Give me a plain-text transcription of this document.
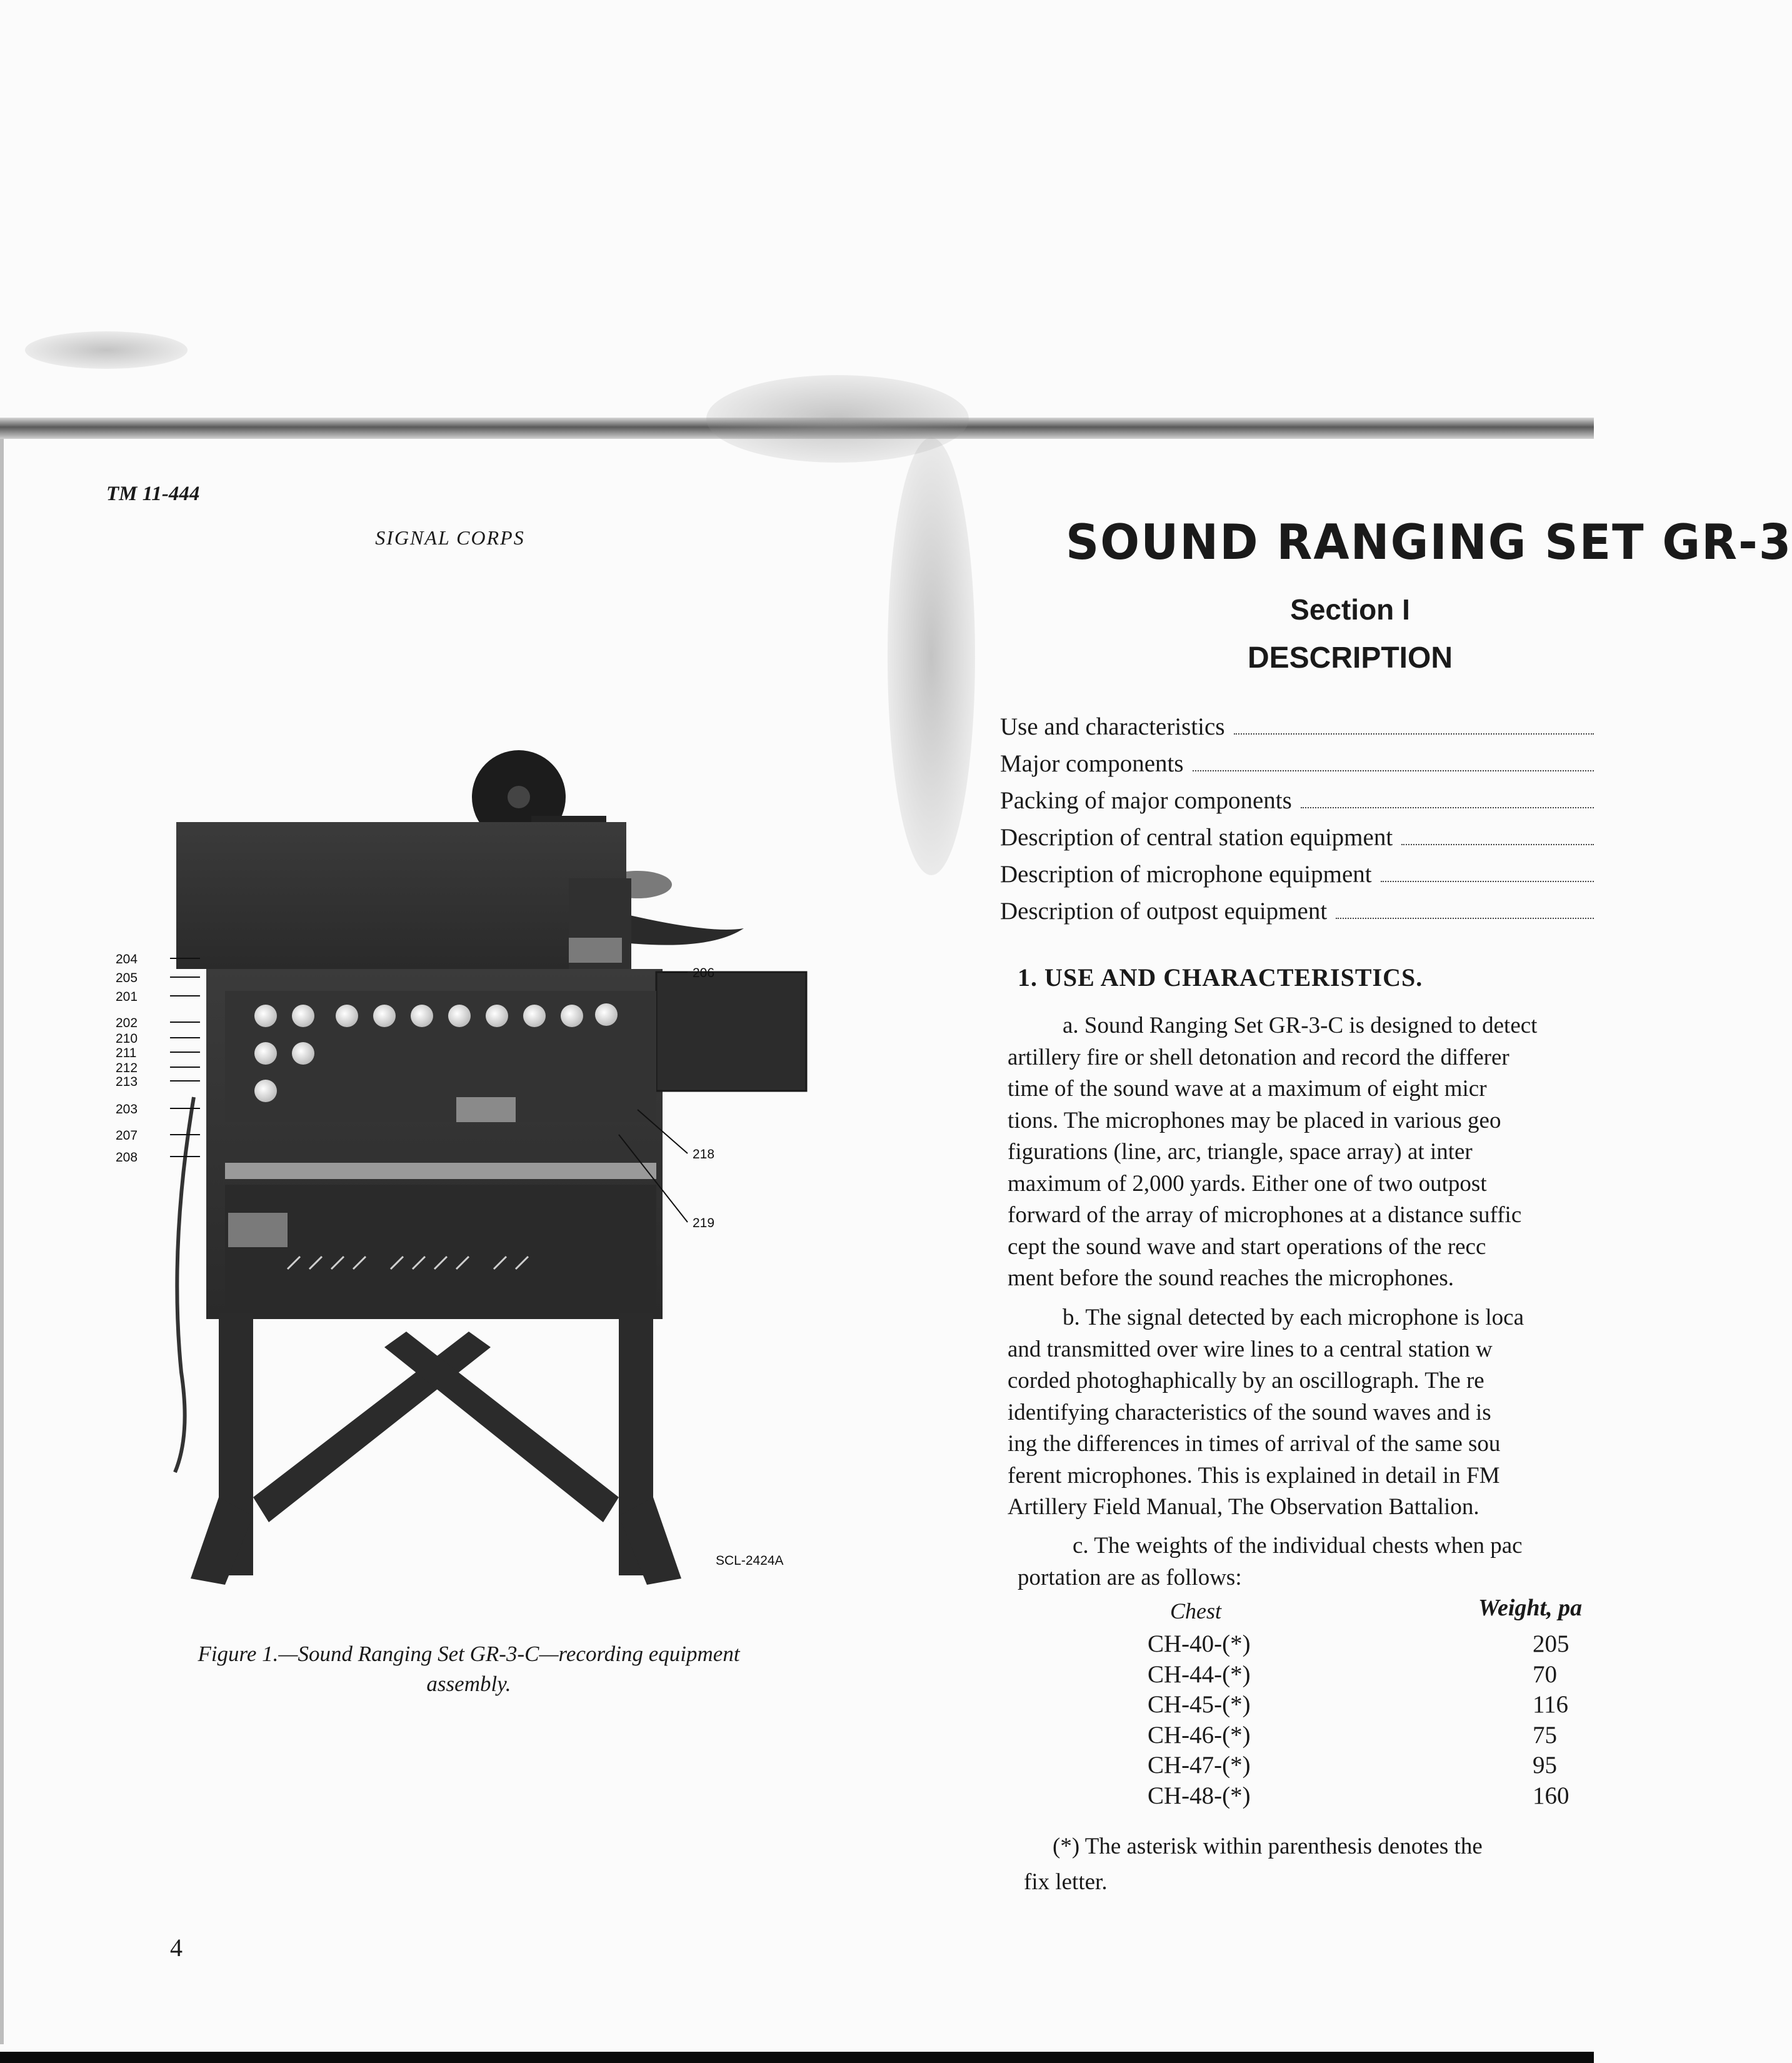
TM 11-444
SIGNAL CORPS
204
205
201
202
210
211
212
213
203
207
208
206
218
219
SCL-2424A
Figure 1.—Sound Ranging Set GR-3-C—recording equipment
assembly.
4
SOUND RANGING SET GR-3
Section I
DESCRIPTION
Use and characteristics
Major components
Packing of major components
Description of central station equipment
Description of microphone equipment
Description of outpost equipment
1. USE AND CHARACTERISTICS.
a. Sound Ranging Set GR-3-C is designed to detect
artillery fire or shell detonation and record the differer
time of the sound wave at a maximum of eight micr
tions. The microphones may be placed in various geo
figurations (line, arc, triangle, space array) at inter
maximum of 2,000 yards. Either one of two outpost
forward of the array of microphones at a distance suffic
cept the sound wave and start operations of the recc
ment before the sound reaches the microphones.
b. The signal detected by each microphone is loca
and transmitted over wire lines to a central station w
corded photoghaphically by an oscillograph. The re
identifying characteristics of the sound waves and is
ing the differences in times of arrival of the same sou
ferent microphones. This is explained in detail in FM
Artillery Field Manual, The Observation Battalion.
c. The weights of the individual chests when pac
portation are as follows:
Chest	Weight, pa
CH-40-(*)
CH-44-(*)
CH-45-(*)
CH-46-(*)
CH-47-(*)
CH-48-(*)
205
70
116
75
95
160
(*) The asterisk within parenthesis denotes the
fix letter.
